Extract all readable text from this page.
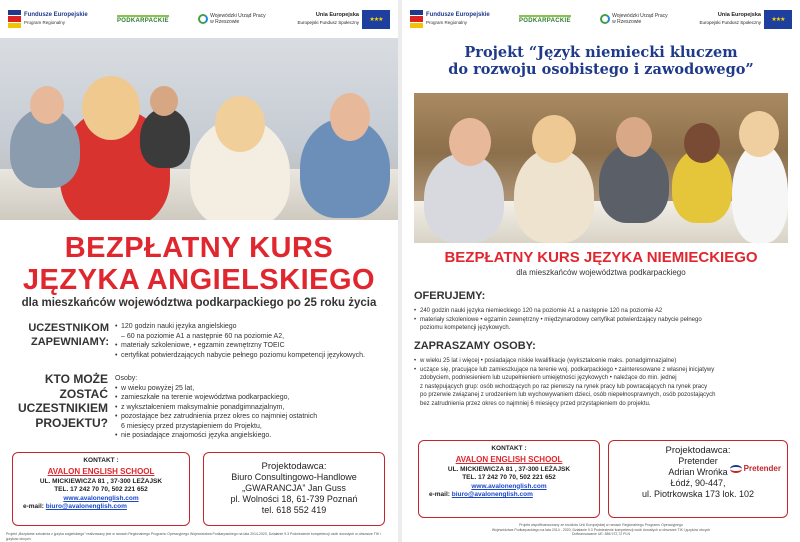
Fundusze Europejskie
Program Regionalny	PODKARPACKIE
Wojewódzki Urząd Pracy w Rzeszowie
Unia Europejska
Europejski Fundusz Społeczny	★★★
BEZPŁATNY KURS
JĘZYKA ANGIELSKIEGO
dla mieszkańców województwa podkarpackiego po 25 roku życia
UCZESTNIKOM ZAPEWNIAMY:
• 120 godzin nauki języka angielskiego
– 60 na poziomie A1 a następnie 60 na poziomie A2,
• materiały szkoleniowe, • egzamin zewnętrzny TOEIC
• certyfikat potwierdzających nabycie pełnego poziomu kompetencji językowych.
KTO MOŻE ZOSTAĆ UCZESTNIKIEM PROJEKTU?
Osoby:
• w wieku powyżej 25 lat,
• zamieszkałe na terenie województwa podkarpackiego,
• z wykształceniem maksymalnie ponadgimnazjalnym,
• pozostające bez zatrudnienia przez okres co najmniej ostatnich
6 miesięcy przed przystąpieniem do Projektu,
• nie posiadające znajomości języka angielskiego.
KONTAKT :
AVALON ENGLISH SCHOOL
UL. MICKIEWICZA 81 , 37-300 LEŻAJSK
TEL. 17 242 70 70, 502 221 652
www.avalonenglish.com
e-mail: biuro@avalonenglish.com
Projektodawca:
Biuro Consultingowo-Handlowe
„GWARANCJA” Jan Guss
pl. Wolności 18, 61-739 Poznań
tel. 618 552 419
Projekt „Bezpłatne szkolenia z języka angielskiego” realizowany jest w ramach Regionalnego Programu Operacyjnego Województwa Podkarpackiego na lata 2014-2020, Działanie 9.3 Podniesienie kompetencji osób dorosłych w obszarze TIK i języków obcych.
Fundusze Europejskie
Program Regionalny	PODKARPACKIE
Wojewódzki Urząd Pracy w Rzeszowie
Unia Europejska
Europejski Fundusz Społeczny	★★★
Projekt “Język niemiecki kluczem
do rozwoju osobistego i zawodowego”
BEZPŁATNY KURS JĘZYKA NIEMIECKIEGO
dla mieszkańców województwa podkarpackiego
OFERUJEMY:
• 240 godzin nauki języka niemieckiego 120 na poziomie A1 a następnie 120 na poziomie A2
• materiały szkoleniowe • egzamin zewnętrzny • międzynarodowy certyfikat potwierdzający nabycie pełnego
poziomu kompetencji językowych.
ZAPRASZAMY OSOBY:
• w wieku 25 lat i więcej • posiadające niskie kwalifikacje (wykształcenie maks. ponadgimnazjalne)
• uczące się, pracujące lub zamieszkujące na terenie woj. podkarpackiego • zainteresowane z własnej inicjatywy
zdobyciem, podniesieniem lub uzupełnieniem umiejętności językowych • należące do min. jednej
z następujących grup: osób wchodzących po raz pierwszy na rynek pracy lub powracających na rynek pracy
po przerwie związanej z urodzeniem lub wychowywaniem dzieci, osób niepełnosprawnych, osób pozostających
bez zatrudnienia przez okres co najmniej 6 miesięcy przed przystąpieniem do projektu.
KONTAKT :
AVALON ENGLISH SCHOOL
UL. MICKIEWICZA 81 , 37-300 LEŻAJSK
TEL. 17 242 70 70, 502 221 652
www.avalonenglish.com
e-mail: biuro@avalonenglish.com
Projektodawca:
Pretender
Adrian Wrońka
Łódź, 90-447,
ul. Piotrkowska 173 lok. 102
Pretender
Projekt współfinansowany ze środków Unii Europejskiej w ramach Regionalnego Programu Operacyjnego
Województwa Podkarpackiego na lata 2014 - 2020, Działanie 9.3 Podniesienie kompetencji osób dorosłych w obszarze TIK i języków obcych
Dofinansowanie UE: 886 972,72 PLN
